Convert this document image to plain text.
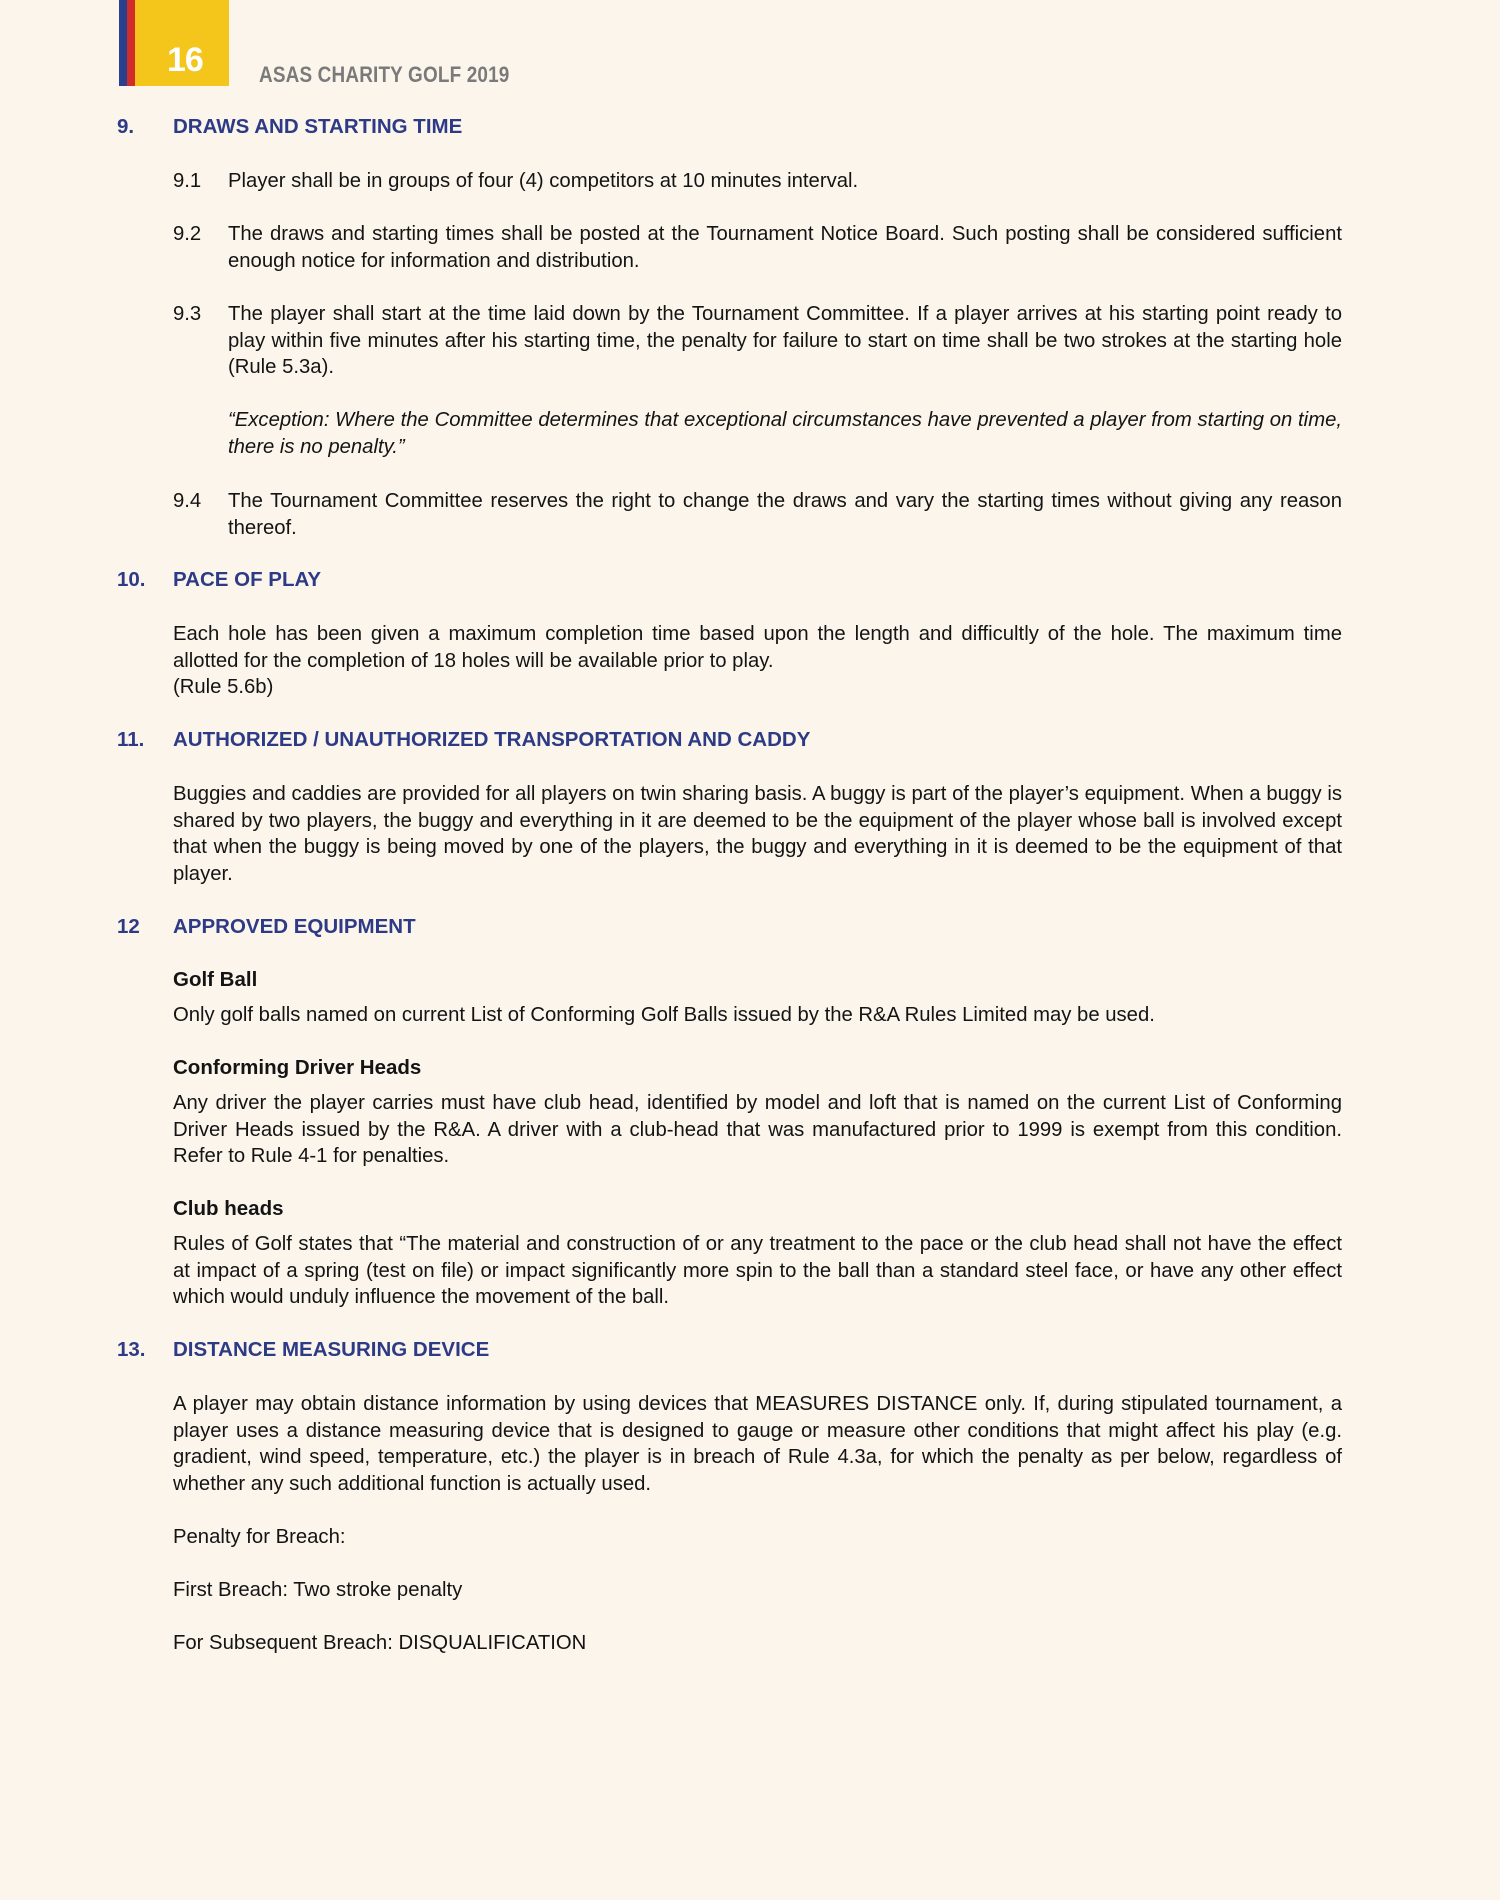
16	ASAS CHARITY GOLF 2019
9. DRAWS AND STARTING TIME
9.1 Player shall be in groups of four (4) competitors at 10 minutes interval.
9.2 The draws and starting times shall be posted at the Tournament Notice Board. Such posting shall be considered sufficient enough notice for information and distribution.
9.3 The player shall start at the time laid down by the Tournament Committee. If a player arrives at his starting point ready to play within five minutes after his starting time, the penalty for failure to start on time shall be two strokes at the starting hole (Rule 5.3a).
“Exception: Where the Committee determines that exceptional circumstances have prevented a player from starting on time, there is no penalty.”
9.4 The Tournament Committee reserves the right to change the draws and vary the starting times without giving any reason thereof.
10. PACE OF PLAY
Each hole has been given a maximum completion time based upon the length and difficultly of the hole. The maximum time allotted for the completion of 18 holes will be available prior to play.
(Rule 5.6b)
11. AUTHORIZED / UNAUTHORIZED TRANSPORTATION AND CADDY
Buggies and caddies are provided for all players on twin sharing basis. A buggy is part of the player’s equipment. When a buggy is shared by two players, the buggy and everything in it are deemed to be the equipment of the player whose ball is involved except that when the buggy is being moved by one of the players, the buggy and everything in it is deemed to be the equipment of that player.
12 APPROVED EQUIPMENT
Golf Ball
Only golf balls named on current List of Conforming Golf Balls issued by the R&A Rules Limited may be used.
Conforming Driver Heads
Any driver the player carries must have club head, identified by model and loft that is named on the current List of Conforming Driver Heads issued by the R&A. A driver with a club-head that was manufactured prior to 1999 is exempt from this condition. Refer to Rule 4-1 for penalties.
Club heads
Rules of Golf states that “The material and construction of or any treatment to the pace or the club head shall not have the effect at impact of a spring (test on file) or impact significantly more spin to the ball than a standard steel face, or have any other effect which would unduly influence the movement of the ball.
13. DISTANCE MEASURING DEVICE
A player may obtain distance information by using devices that MEASURES DISTANCE only. If, during stipulated tournament, a player uses a distance measuring device that is designed to gauge or measure other conditions that might affect his play (e.g. gradient, wind speed, temperature, etc.) the player is in breach of Rule 4.3a, for which the penalty as per below, regardless of whether any such additional function is actually used.
Penalty for Breach:
First Breach: Two stroke penalty
For Subsequent Breach: DISQUALIFICATION
